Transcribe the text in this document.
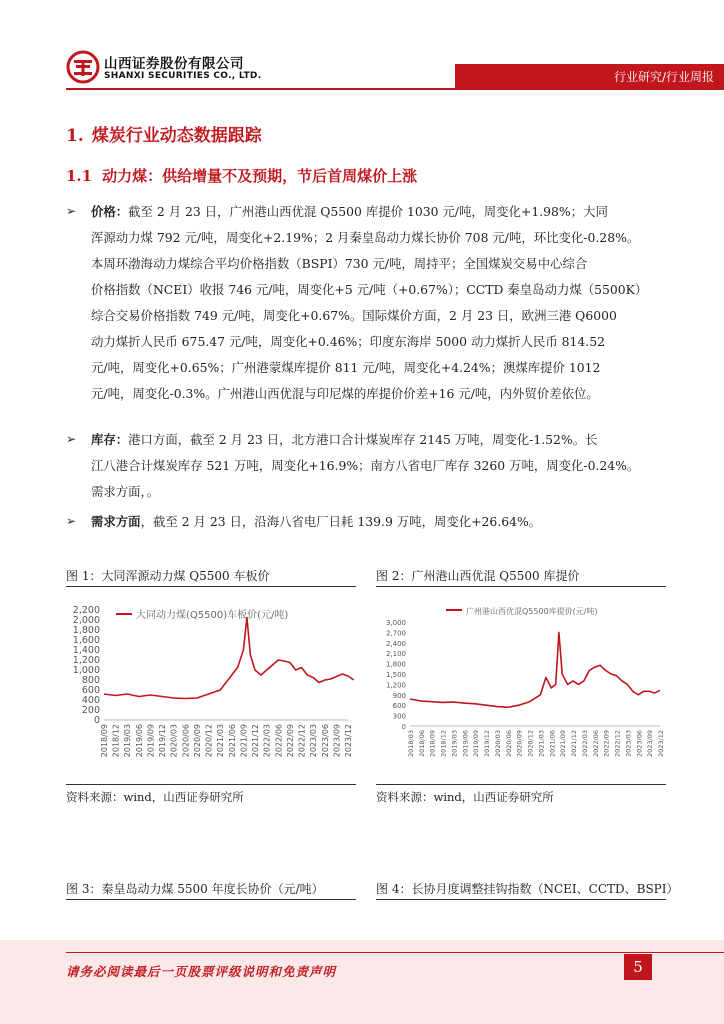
山西证券股份有限公司
SHANXI SECURITIES CO., LTD.	行业研究/行业周报
1. 煤炭行业动态数据跟踪
1.1 动力煤：供给增量不及预期，节后首周煤价上涨
➢ 价格：截至 2 月 23 日，广州港山西优混 Q5500 库提价 1030 元/吨，周变化+1.98%；大同
浑源动力煤 792 元/吨，周变化+2.19%；2 月秦皇岛动力煤长协价 708 元/吨，环比变化-0.28%。
本周环渤海动力煤综合平均价格指数（BSPI）730 元/吨，周持平；全国煤炭交易中心综合
价格指数（NCEI）收报 746 元/吨，周变化+5 元/吨（+0.67%）；CCTD 秦皇岛动力煤（5500K）
综合交易价格指数 749 元/吨，周变化+0.67%。国际煤价方面，2 月 23 日，欧洲三港 Q6000
动力煤折人民币 675.47 元/吨，周变化+0.46%；印度东海岸 5000 动力煤折人民币 814.52
元/吨，周变化+0.65%；广州港蒙煤库提价 811 元/吨，周变化+4.24%；澳煤库提价 1012
元/吨，周变化-0.3%。广州港山西优混与印尼煤的库提价价差+16 元/吨，内外贸价差依位。
➢ 库存：港口方面，截至 2 月 23 日，北方港口合计煤炭库存 2145 万吨，周变化-1.52%。长
江八港合计煤炭库存 521 万吨，周变化+16.9%；南方八省电厂库存 3260 万吨，周变化-0.24%。
需求方面，。
➢ 需求方面，截至 2 月 23 日，沿海八省电厂日耗 139.9 万吨，周变化+26.64%。
图 1：大同浑源动力煤 Q5500 车板价
2,200
2,000
1,800
1,600
1,400
1,200
1,000
800
600
400
200
0
2018/09 2018/12 2019/03 2019/06 2019/09 2019/12 2020/03 2020/06 2020/09 2020/12 2021/03 2021/06 2021/09 2021/12 2022/03 2022/06 2022/09 2022/12 2023/03 2023/06 2023/09 2023/12
大同动力煤(Q5500)车板价(元/吨)
资料来源：wind，山西证券研究所
图 2：广州港山西优混 Q5500 库提价
3,000
2,700
2,400
2,100
1,800
1,500
1,200
900
600
300
0
2018/03 2018/06 2018/09 2018/12 2019/03 2019/06 2019/09 2019/12 2020/03 2020/06 2020/09 2020/12 2021/03 2021/06 2021/09 2021/12 2022/03 2022/06 2022/09 2022/12 2023/03 2023/06 2023/09 2023/12
广州港山西优混Q5500库提价(元/吨)
资料来源：wind，山西证券研究所
图 3：秦皇岛动力煤 5500 年度长协价（元/吨）	图 4：长协月度调整挂钩指数（NCEI、CCTD、BSPI）
请务必阅读最后一页股票评级说明和免责声明	5
